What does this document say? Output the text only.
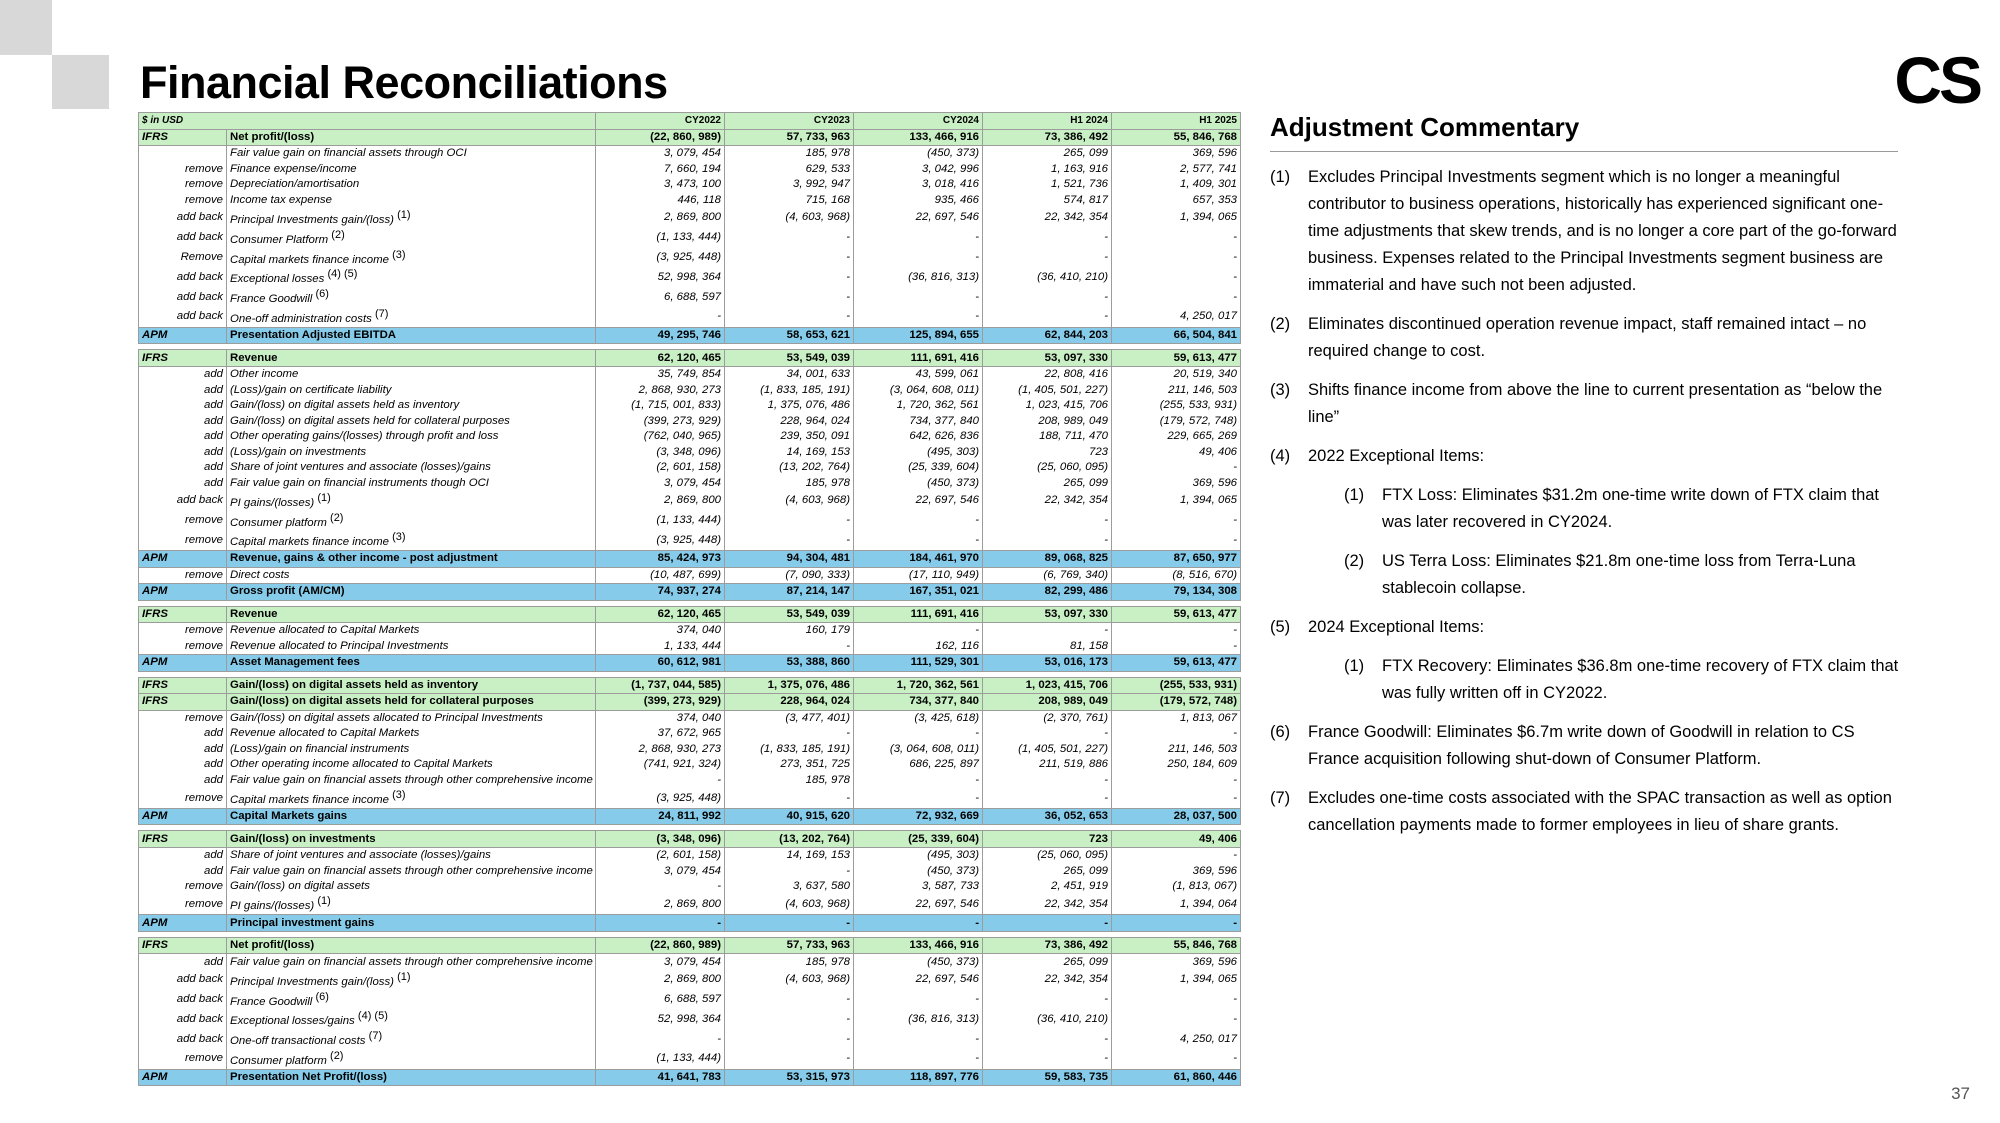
Financial Reconciliations	CS
37
$ in USD		CY2022	CY2023	CY2024	H1 2024	H1 2025
IFRS	Net profit/(loss)	(22, 860, 989)	57, 733, 963	133, 466, 916	73, 386, 492	55, 846, 768
	Fair value gain on financial assets through OCI	3, 079, 454	185, 978	(450, 373)	265, 099	369, 596
remove	Finance expense/income	7, 660, 194	629, 533	3, 042, 996	1, 163, 916	2, 577, 741
remove	Depreciation/amortisation	3, 473, 100	3, 992, 947	3, 018, 416	1, 521, 736	1, 409, 301
remove	Income tax expense	446, 118	715, 168	935, 466	574, 817	657, 353
add back	Principal Investments gain/(loss) $^{(1)}$	2, 869, 800	(4, 603, 968)	22, 697, 546	22, 342, 354	1, 394, 065
add back	Consumer Platform $^{(2)}$	(1, 133, 444)	-	-	-	-
Remove	Capital markets finance income $^{(3)}$	(3, 925, 448)	-	-	-	-
add back	Exceptional losses $^{(4) (5)}$	52, 998, 364	-	(36, 816, 313)	(36, 410, 210)	-
add back	France Goodwill $^{(6)}$	6, 688, 597	-	-	-	-
add back	One-off administration costs $^{(7)}$	-	-	-	-	4, 250, 017
APM	Presentation Adjusted EBITDA	49, 295, 746	58, 653, 621	125, 894, 655	62, 844, 203	66, 504, 841

IFRS	Revenue	62, 120, 465	53, 549, 039	111, 691, 416	53, 097, 330	59, 613, 477
add	Other income	35, 749, 854	34, 001, 633	43, 599, 061	22, 808, 416	20, 519, 340
add	(Loss)/gain on certificate liability	2, 868, 930, 273	(1, 833, 185, 191)	(3, 064, 608, 011)	(1, 405, 501, 227)	211, 146, 503
add	Gain/(loss) on digital assets held as inventory	(1, 715, 001, 833)	1, 375, 076, 486	1, 720, 362, 561	1, 023, 415, 706	(255, 533, 931)
add	Gain/(loss) on digital assets held for collateral purposes	(399, 273, 929)	228, 964, 024	734, 377, 840	208, 989, 049	(179, 572, 748)
add	Other operating gains/(losses) through profit and loss	(762, 040, 965)	239, 350, 091	642, 626, 836	188, 711, 470	229, 665, 269
add	(Loss)/gain on investments	(3, 348, 096)	14, 169, 153	(495, 303)	723	49, 406
add	Share of joint ventures and associate (losses)/gains	(2, 601, 158)	(13, 202, 764)	(25, 339, 604)	(25, 060, 095)	-
add	Fair value gain on financial instruments though OCI	3, 079, 454	185, 978	(450, 373)	265, 099	369, 596
add back	PI gains/(losses) $^{(1)}$	2, 869, 800	(4, 603, 968)	22, 697, 546	22, 342, 354	1, 394, 065
remove	Consumer platform $^{(2)}$	(1, 133, 444)	-	-	-	-
remove	Capital markets finance income $^{(3)}$	(3, 925, 448)	-	-	-	-
APM	Revenue, gains & other income - post adjustment	85, 424, 973	94, 304, 481	184, 461, 970	89, 068, 825	87, 650, 977
remove	Direct costs	(10, 487, 699)	(7, 090, 333)	(17, 110, 949)	(6, 769, 340)	(8, 516, 670)
APM	Gross profit (AM/CM)	74, 937, 274	87, 214, 147	167, 351, 021	82, 299, 486	79, 134, 308

IFRS	Revenue	62, 120, 465	53, 549, 039	111, 691, 416	53, 097, 330	59, 613, 477
remove	Revenue allocated to Capital Markets	374, 040	160, 179	-	-	-
remove	Revenue allocated to Principal Investments	1, 133, 444	-	162, 116	81, 158	-
APM	Asset Management fees	60, 612, 981	53, 388, 860	111, 529, 301	53, 016, 173	59, 613, 477

IFRS	Gain/(loss) on digital assets held as inventory	(1, 737, 044, 585)	1, 375, 076, 486	1, 720, 362, 561	1, 023, 415, 706	(255, 533, 931)
IFRS	Gain/(loss) on digital assets held for collateral purposes	(399, 273, 929)	228, 964, 024	734, 377, 840	208, 989, 049	(179, 572, 748)
remove	Gain/(loss) on digital assets allocated to Principal Investments	374, 040	(3, 477, 401)	(3, 425, 618)	(2, 370, 761)	1, 813, 067
add	Revenue allocated to Capital Markets	37, 672, 965	-	-	-	-
add	(Loss)/gain on financial instruments	2, 868, 930, 273	(1, 833, 185, 191)	(3, 064, 608, 011)	(1, 405, 501, 227)	211, 146, 503
add	Other operating income allocated to Capital Markets	(741, 921, 324)	273, 351, 725	686, 225, 897	211, 519, 886	250, 184, 609
add	Fair value gain on financial assets through other comprehensive income	-	185, 978	-	-	-
remove	Capital markets finance income $^{(3)}$	(3, 925, 448)	-	-	-	-
APM	Capital Markets gains	24, 811, 992	40, 915, 620	72, 932, 669	36, 052, 653	28, 037, 500

IFRS	Gain/(loss) on investments	(3, 348, 096)	(13, 202, 764)	(25, 339, 604)	723	49, 406
add	Share of joint ventures and associate (losses)/gains	(2, 601, 158)	14, 169, 153	(495, 303)	(25, 060, 095)	-
add	Fair value gain on financial assets through other comprehensive income	3, 079, 454	-	(450, 373)	265, 099	369, 596
remove	Gain/(loss) on digital assets	-	3, 637, 580	3, 587, 733	2, 451, 919	(1, 813, 067)
remove	PI gains/(losses) $^{(1)}$	2, 869, 800	(4, 603, 968)	22, 697, 546	22, 342, 354	1, 394, 064
APM	Principal investment gains	-	-	-	-	-

IFRS	Net profit/(loss)	(22, 860, 989)	57, 733, 963	133, 466, 916	73, 386, 492	55, 846, 768
add	Fair value gain on financial assets through other comprehensive income	3, 079, 454	185, 978	(450, 373)	265, 099	369, 596
add back	Principal Investments gain/(loss) $^{(1)}$	2, 869, 800	(4, 603, 968)	22, 697, 546	22, 342, 354	1, 394, 065
add back	France Goodwill $^{(6)}$	6, 688, 597	-	-	-	-
add back	Exceptional losses/gains $^{(4) (5)}$	52, 998, 364	-	(36, 816, 313)	(36, 410, 210)	-
add back	One-off transactional costs $^{(7)}$	-	-	-	-	4, 250, 017
remove	Consumer platform $^{(2)}$	(1, 133, 444)	-	-	-	-
APM	Presentation Net Profit/(loss)	41, 641, 783	53, 315, 973	118, 897, 776	59, 583, 735	61, 860, 446
Adjustment Commentary
(1)	Excludes Principal Investments segment which is no longer a meaningful contributor to business operations, historically has experienced significant one-time adjustments that skew trends, and is no longer a core part of the go-forward business. Expenses related to the Principal Investments segment business are immaterial and have such not been adjusted.
(2)	Eliminates discontinued operation revenue impact, staff remained intact – no required change to cost.
(3)	Shifts finance income from above the line to current presentation as “below the line”
(4)	2022 Exceptional Items:
(1)	FTX Loss: Eliminates $31.2m one-time write down of FTX claim that was later recovered in CY2024.
(2)	US Terra Loss: Eliminates $21.8m one-time loss from Terra-Luna stablecoin collapse.
(5)	2024 Exceptional Items:
(1)	FTX Recovery: Eliminates $36.8m one-time recovery of FTX claim that was fully written off in CY2022.
(6)	France Goodwill: Eliminates $6.7m write down of Goodwill in relation to CS France acquisition following shut-down of Consumer Platform.
(7)	Excludes one-time costs associated with the SPAC transaction as well as option cancellation payments made to former employees in lieu of share grants.
